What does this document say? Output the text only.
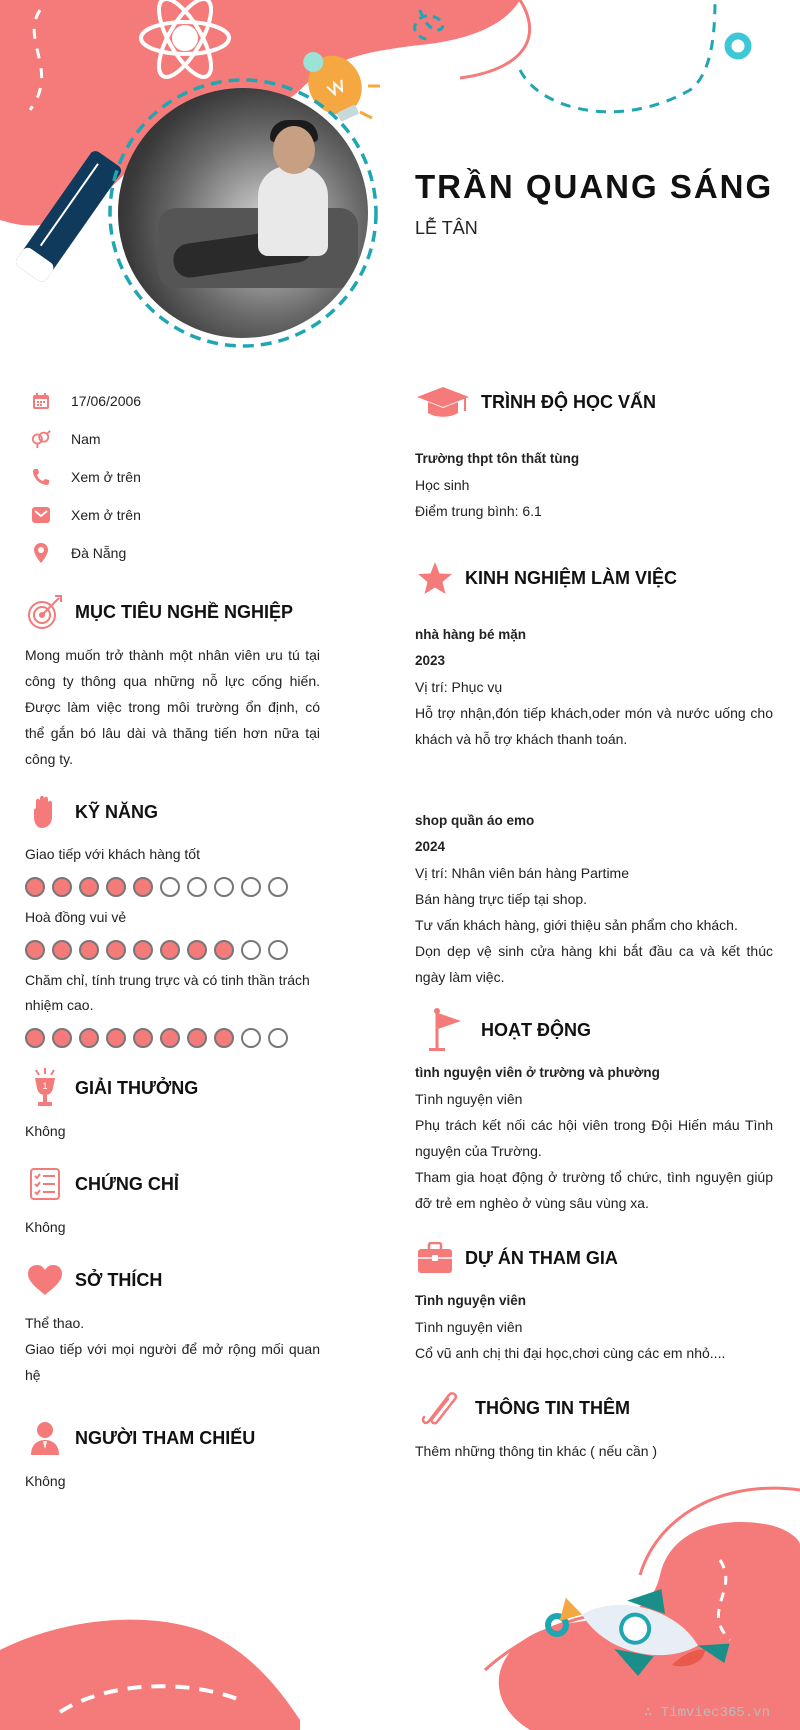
TRẦN QUANG SÁNG
LỄ TÂN
17/06/2006
Nam
Xem ở trên
Xem ở trên
Đà Nẵng
MỤC TIÊU NGHỀ NGHIỆP
Mong muốn trở thành một nhân viên ưu tú tại công ty thông qua những nỗ lực cống hiến. Được làm việc trong môi trường ổn định, có thể gắn bó lâu dài và thăng tiến hơn nữa tại công ty.
KỸ NĂNG
Giao tiếp với khách hàng tốt
Hoà đồng vui vẻ
Chăm chỉ, tính trung trực và có tinh thần trách nhiệm cao.
1 GIẢI THƯỞNG
Không
CHỨNG CHỈ
Không
SỞ THÍCH
Thể thao.
Giao tiếp với mọi người để mở rộng mối quan hệ
NGƯỜI THAM CHIẾU
Không
TRÌNH ĐỘ HỌC VẤN
Trường thpt tôn thất tùng
Học sinh
Điểm trung bình: 6.1
KINH NGHIỆM LÀM VIỆC
nhà hàng bé mặn
2023
Vị trí: Phục vụ
Hỗ trợ nhận,đón tiếp khách,oder món và nước uống cho khách và hỗ trợ khách thanh toán.
shop quần áo emo
2024
Vị trí: Nhân viên bán hàng Partime
Bán hàng trực tiếp tại shop.
Tư vấn khách hàng, giới thiệu sản phẩm cho khách.
Dọn dẹp vệ sinh cửa hàng khi bắt đầu ca và kết thúc ngày làm việc.
HOẠT ĐỘNG
tình nguyện viên ở trường và phường
Tình nguyện viên
Phụ trách kết nối các hội viên trong Đội Hiến máu Tình nguyện của Trường.
Tham gia hoạt động ở trường tổ chức, tình nguyện giúp đỡ trẻ em nghèo ở vùng sâu vùng xa.
DỰ ÁN THAM GIA
Tình nguyện viên
Tình nguyện viên
Cổ vũ anh chị thi đại học,chơi cùng các em nhỏ....
THÔNG TIN THÊM
Thêm những thông tin khác ( nếu cần )
∴ Timviec365.vn
